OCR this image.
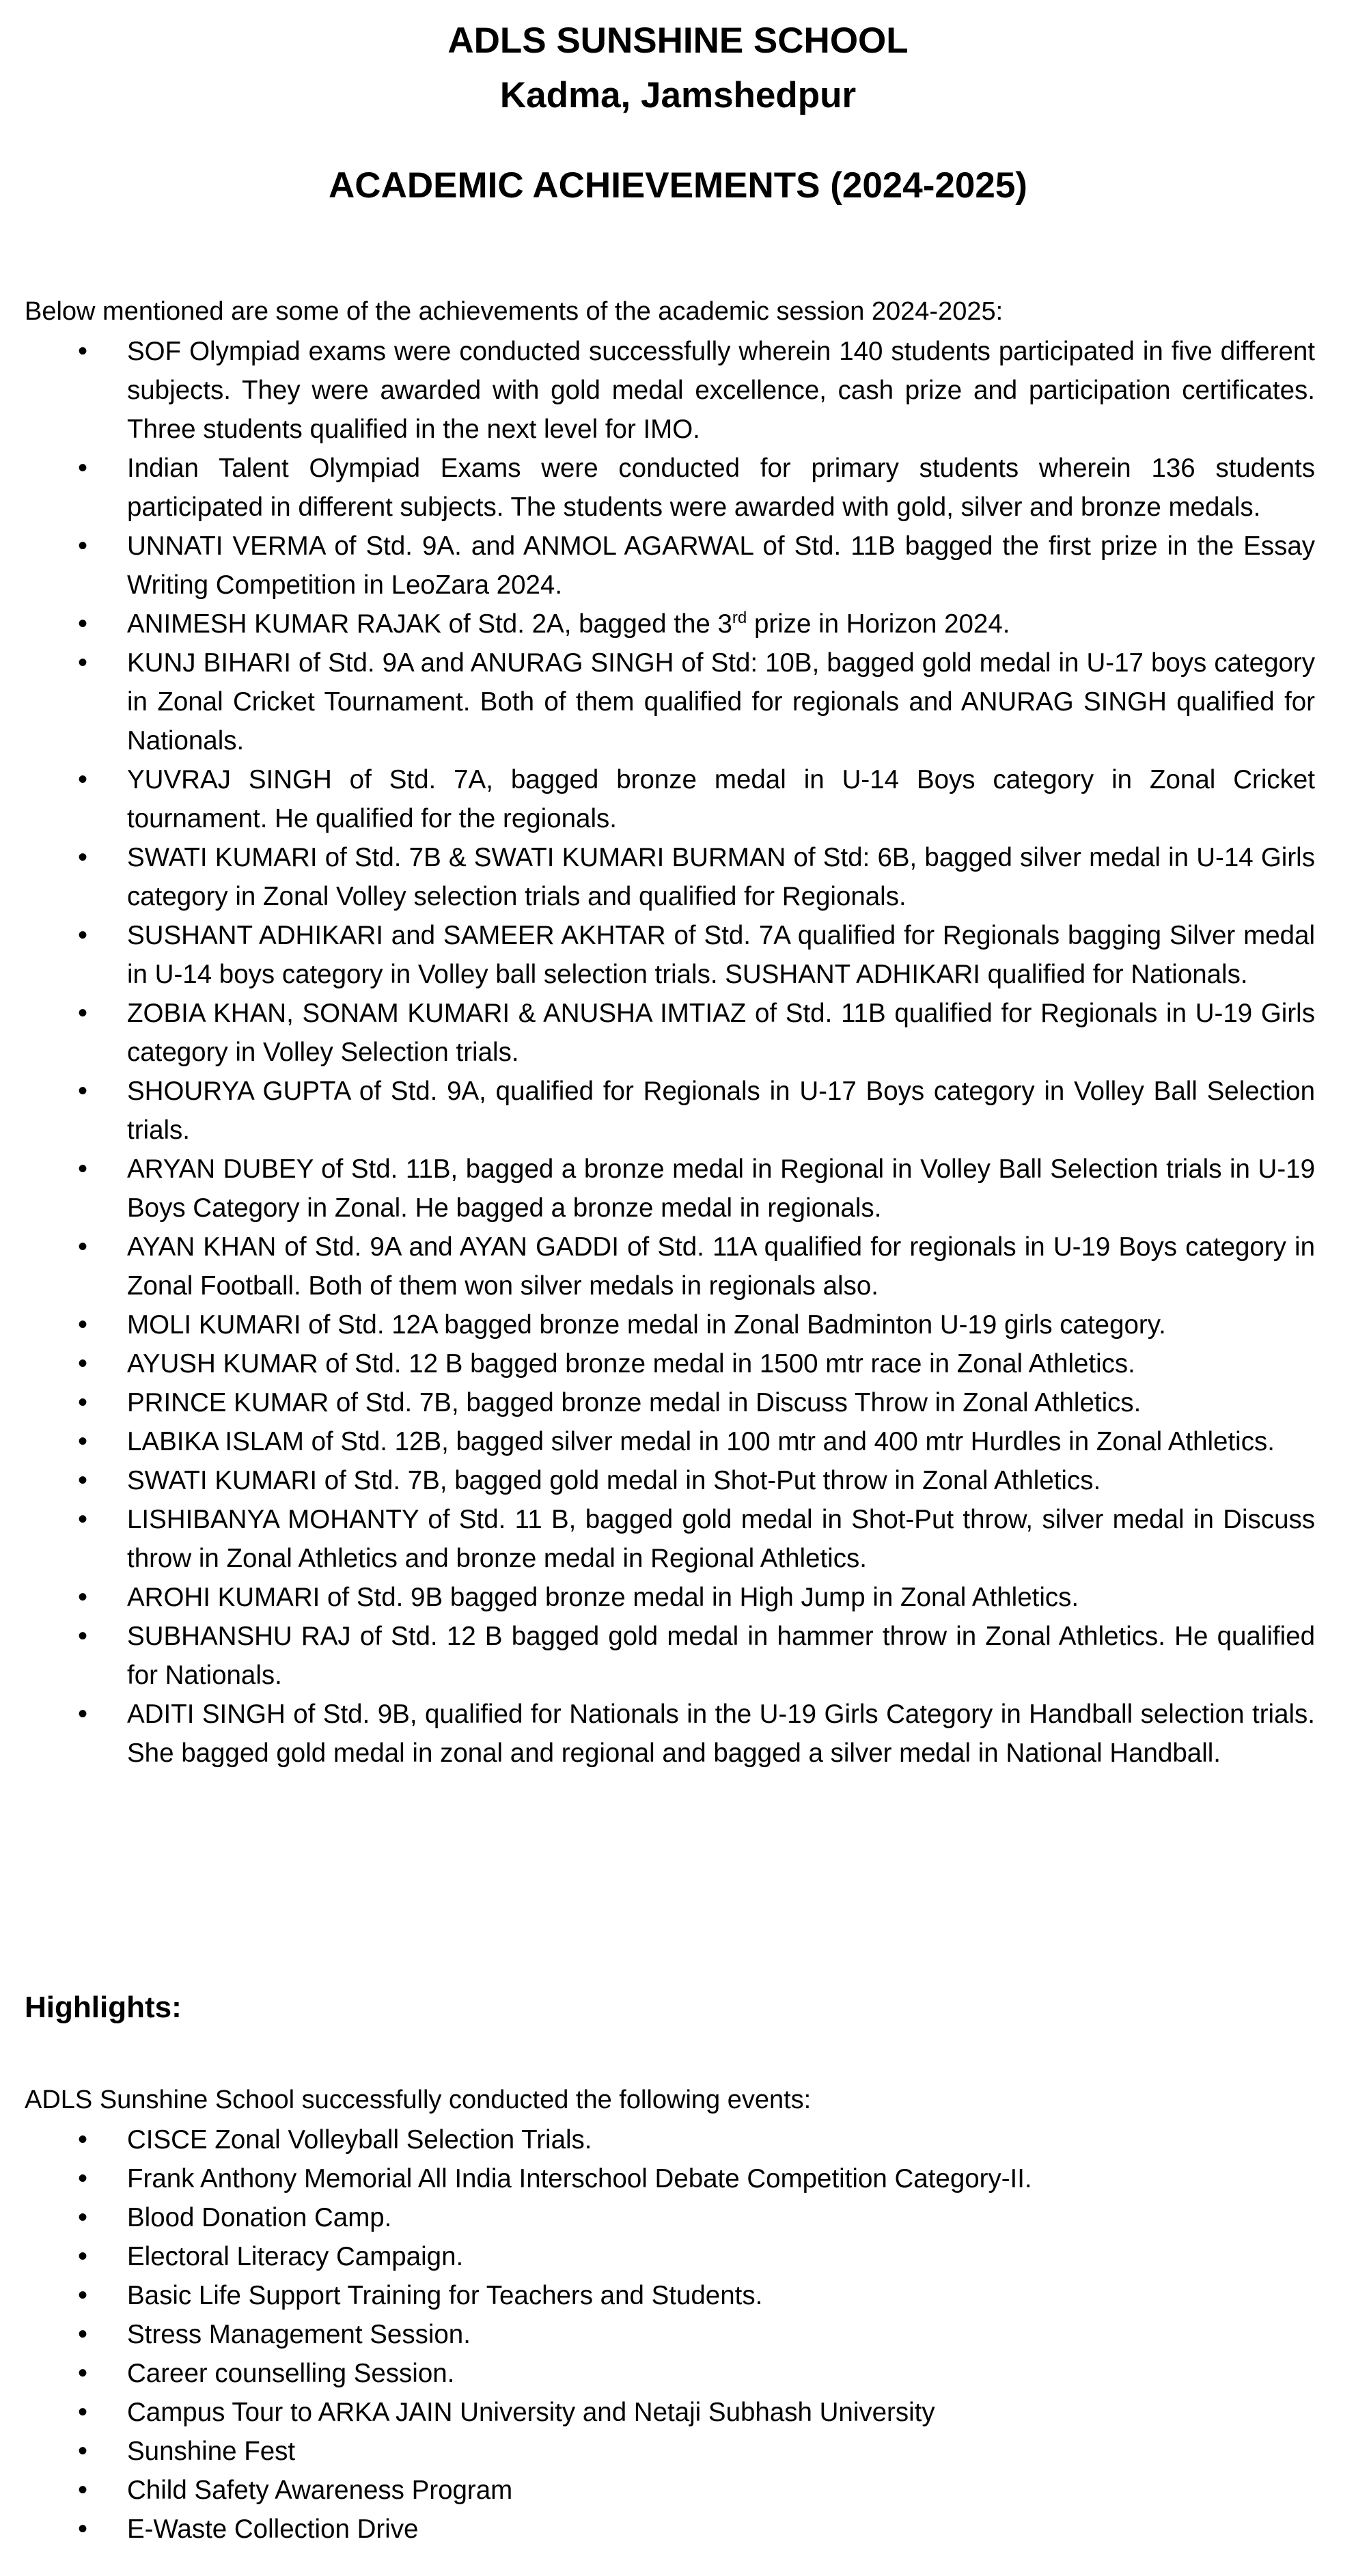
ADLS SUNSHINE SCHOOL
Kadma, Jamshedpur
ACADEMIC ACHIEVEMENTS (2024-2025)
Below mentioned are some of the achievements of the academic session 2024-2025:
• SOF Olympiad exams were conducted successfully wherein 140 students participated in five different subjects. They were awarded with gold medal excellence, cash prize and participation certificates. Three students qualified in the next level for IMO.
• Indian Talent Olympiad Exams were conducted for primary students wherein 136 students participated in different subjects. The students were awarded with gold, silver and bronze medals.
• UNNATI VERMA of Std. 9A. and ANMOL AGARWAL of Std. 11B bagged the first prize in the Essay Writing Competition in LeoZara 2024.
• ANIMESH KUMAR RAJAK of Std. 2A, bagged the 3rd prize in Horizon 2024.
• KUNJ BIHARI of Std. 9A and ANURAG SINGH of Std: 10B, bagged gold medal in U-17 boys category in Zonal Cricket Tournament. Both of them qualified for regionals and ANURAG SINGH qualified for Nationals.
• YUVRAJ SINGH of Std. 7A, bagged bronze medal in U-14 Boys category in Zonal Cricket tournament. He qualified for the regionals.
• SWATI KUMARI of Std. 7B & SWATI KUMARI BURMAN of Std: 6B, bagged silver medal in U-14 Girls category in Zonal Volley selection trials and qualified for Regionals.
• SUSHANT ADHIKARI and SAMEER AKHTAR of Std. 7A qualified for Regionals bagging Silver medal in U-14 boys category in Volley ball selection trials. SUSHANT ADHIKARI qualified for Nationals.
• ZOBIA KHAN, SONAM KUMARI & ANUSHA IMTIAZ of Std. 11B qualified for Regionals in U-19 Girls category in Volley Selection trials.
• SHOURYA GUPTA of Std. 9A, qualified for Regionals in U-17 Boys category in Volley Ball Selection trials.
• ARYAN DUBEY of Std. 11B, bagged a bronze medal in Regional in Volley Ball Selection trials in U-19 Boys Category in Zonal. He bagged a bronze medal in regionals.
• AYAN KHAN of Std. 9A and AYAN GADDI of Std. 11A qualified for regionals in U-19 Boys category in Zonal Football. Both of them won silver medals in regionals also.
• MOLI KUMARI of Std. 12A bagged bronze medal in Zonal Badminton U-19 girls category.
• AYUSH KUMAR of Std. 12 B bagged bronze medal in 1500 mtr race in Zonal Athletics.
• PRINCE KUMAR of Std. 7B, bagged bronze medal in Discuss Throw in Zonal Athletics.
• LABIKA ISLAM of Std. 12B, bagged silver medal in 100 mtr and 400 mtr Hurdles in Zonal Athletics.
• SWATI KUMARI of Std. 7B, bagged gold medal in Shot-Put throw in Zonal Athletics.
• LISHIBANYA MOHANTY of Std. 11 B, bagged gold medal in Shot-Put throw, silver medal in Discuss throw in Zonal Athletics and bronze medal in Regional Athletics.
• AROHI KUMARI of Std. 9B bagged bronze medal in High Jump in Zonal Athletics.
• SUBHANSHU RAJ of Std. 12 B bagged gold medal in hammer throw in Zonal Athletics. He qualified for Nationals.
• ADITI SINGH of Std. 9B, qualified for Nationals in the U-19 Girls Category in Handball selection trials. She bagged gold medal in zonal and regional and bagged a silver medal in National Handball.
Highlights:
ADLS Sunshine School successfully conducted the following events:
• CISCE Zonal Volleyball Selection Trials.
• Frank Anthony Memorial All India Interschool Debate Competition Category-II.
• Blood Donation Camp.
• Electoral Literacy Campaign.
• Basic Life Support Training for Teachers and Students.
• Stress Management Session.
• Career counselling Session.
• Campus Tour to ARKA JAIN University and Netaji Subhash University
• Sunshine Fest
• Child Safety Awareness Program
• E-Waste Collection Drive
